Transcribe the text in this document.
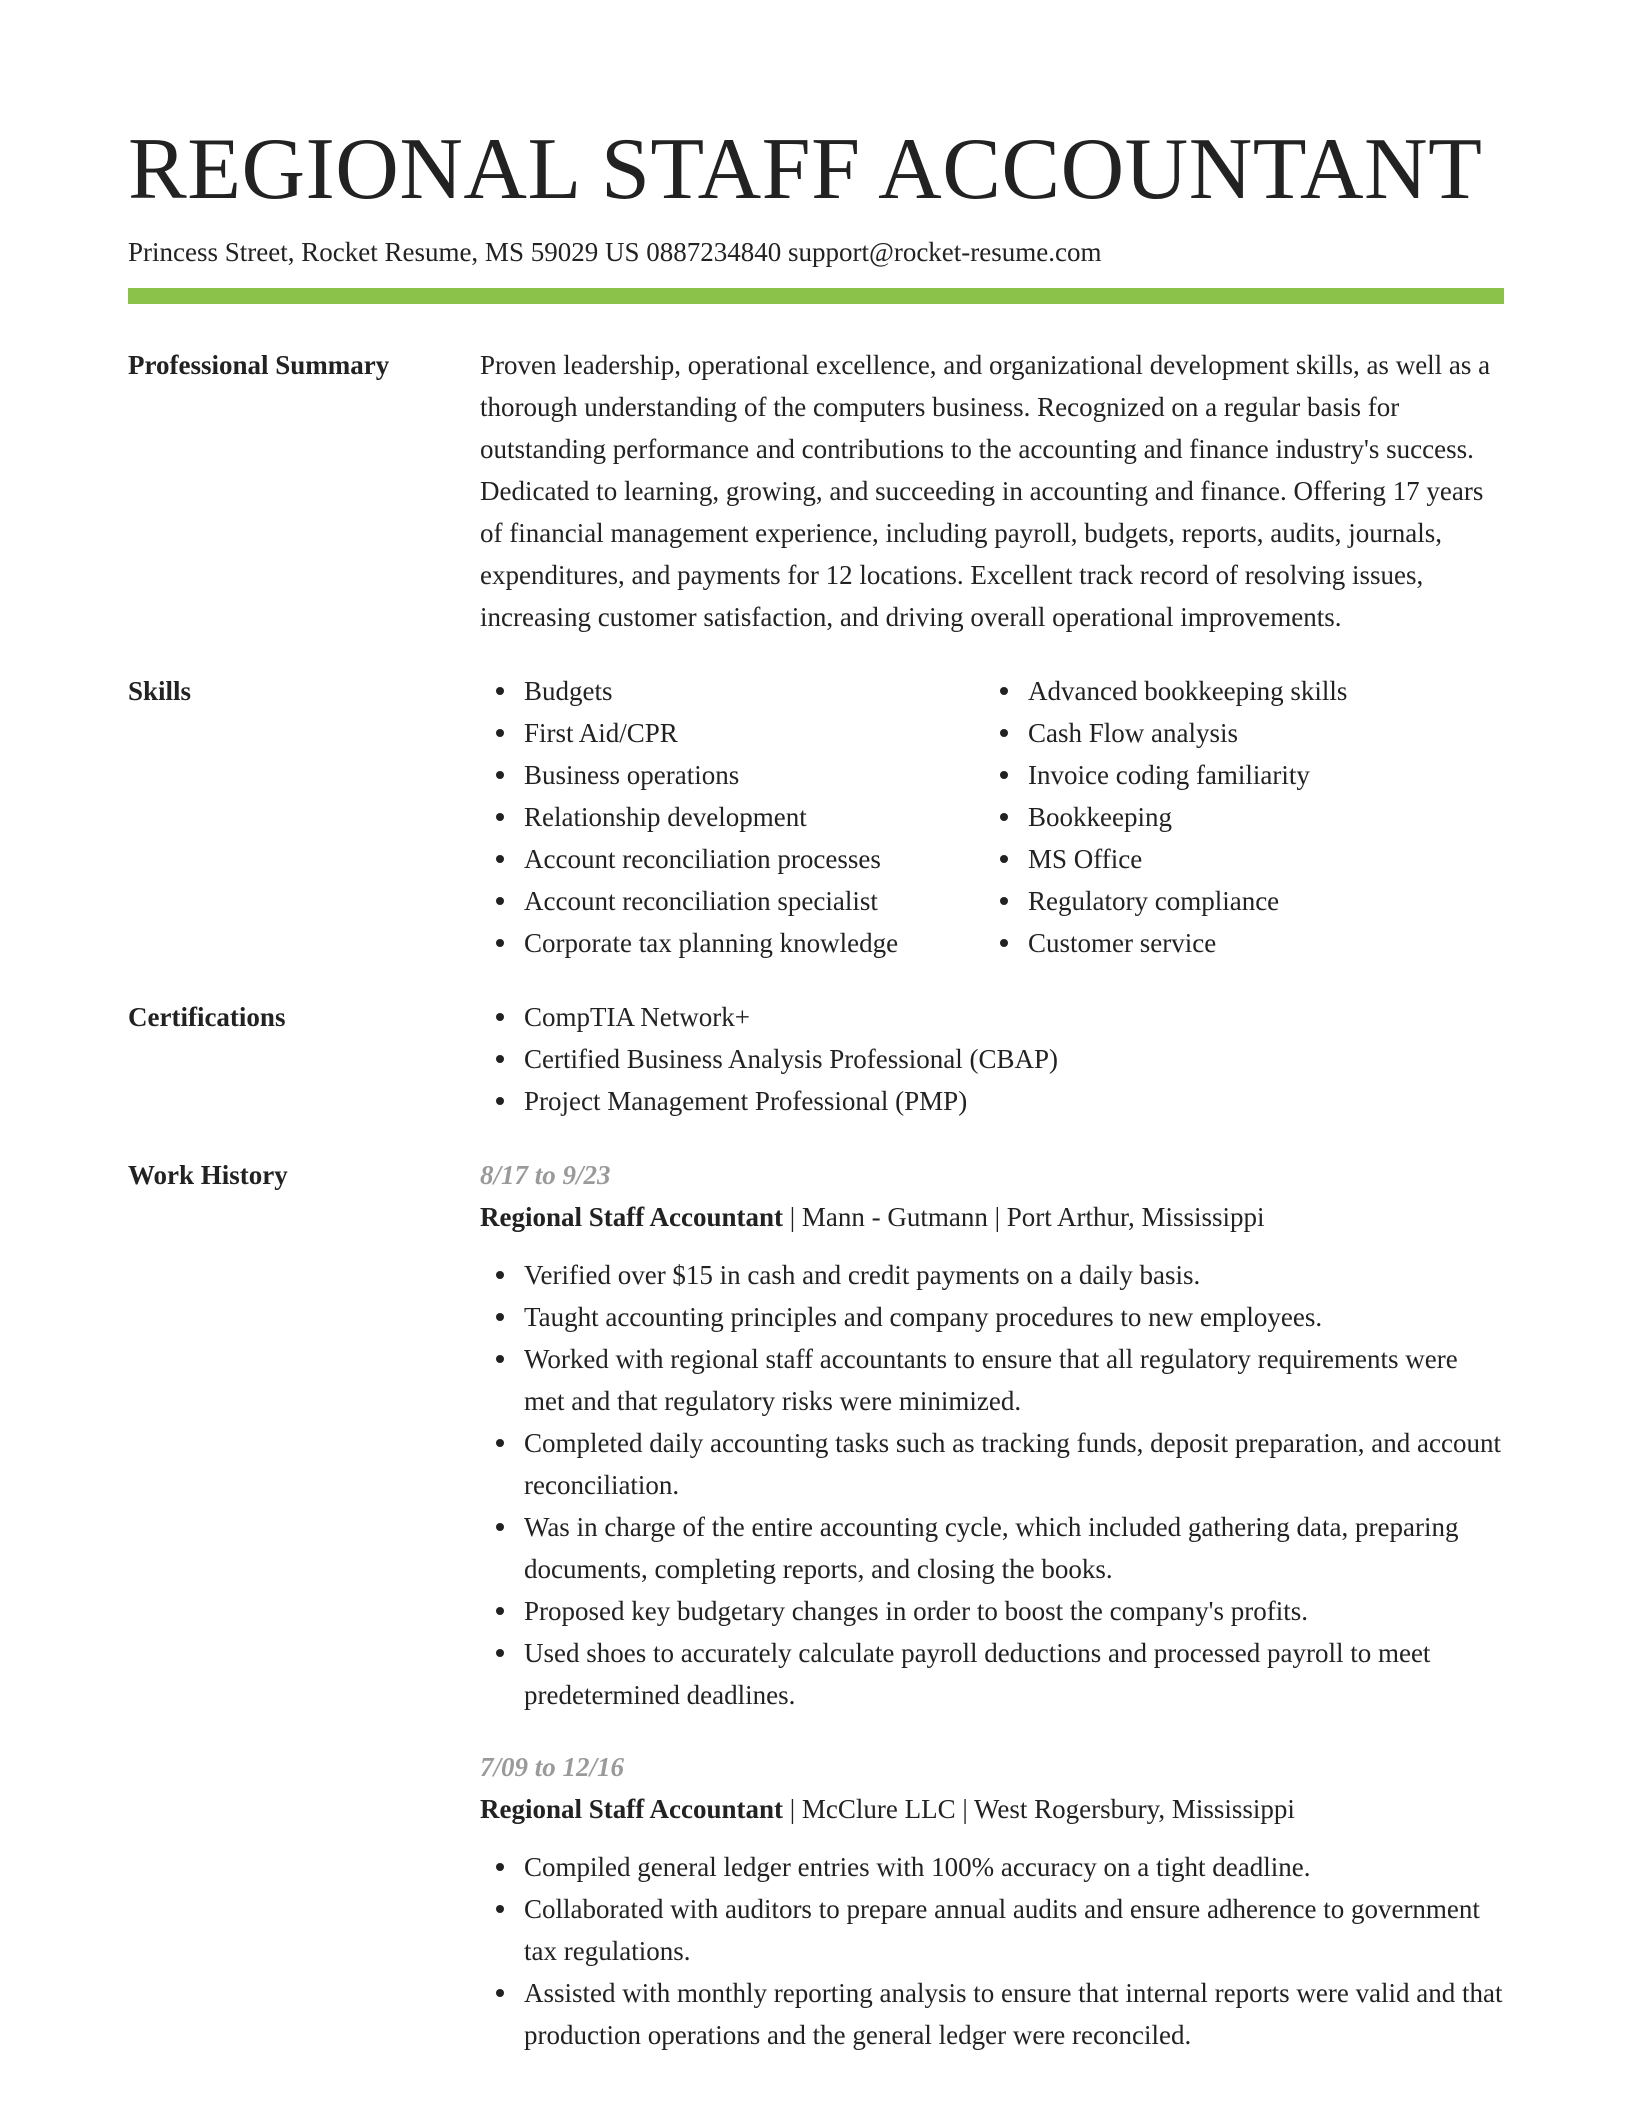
REGIONAL STAFF ACCOUNTANT
Princess Street, Rocket Resume, MS 59029 US 0887234840 support@rocket-resume.com
Professional Summary	Proven leadership, operational excellence, and organizational development skills, as well as a thorough understanding of the computers business. Recognized on a regular basis for outstanding performance and contributions to the accounting and finance industry's success. Dedicated to learning, growing, and succeeding in accounting and finance. Offering 17 years of financial management experience, including payroll, budgets, reports, audits, journals, expenditures, and payments for 12 locations. Excellent track record of resolving issues, increasing customer satisfaction, and driving overall operational improvements.
Skills	Budgets
First Aid/CPR
Business operations
Relationship development
Account reconciliation processes
Account reconciliation specialist
Corporate tax planning knowledge
Advanced bookkeeping skills
Cash Flow analysis
Invoice coding familiarity
Bookkeeping
MS Office
Regulatory compliance
Customer service
Certifications	CompTIA Network+
Certified Business Analysis Professional (CBAP)
Project Management Professional (PMP)
Work History	8/17 to 9/23
Regional Staff Accountant | Mann - Gutmann | Port Arthur, Mississippi
Verified over $15 in cash and credit payments on a daily basis.
Taught accounting principles and company procedures to new employees.
Worked with regional staff accountants to ensure that all regulatory requirements were met and that regulatory risks were minimized.
Completed daily accounting tasks such as tracking funds, deposit preparation, and account reconciliation.
Was in charge of the entire accounting cycle, which included gathering data, preparing documents, completing reports, and closing the books.
Proposed key budgetary changes in order to boost the company's profits.
Used shoes to accurately calculate payroll deductions and processed payroll to meet predetermined deadlines.
7/09 to 12/16
Regional Staff Accountant | McClure LLC | West Rogersbury, Mississippi
Compiled general ledger entries with 100% accuracy on a tight deadline.
Collaborated with auditors to prepare annual audits and ensure adherence to government tax regulations.
Assisted with monthly reporting analysis to ensure that internal reports were valid and that production operations and the general ledger were reconciled.
